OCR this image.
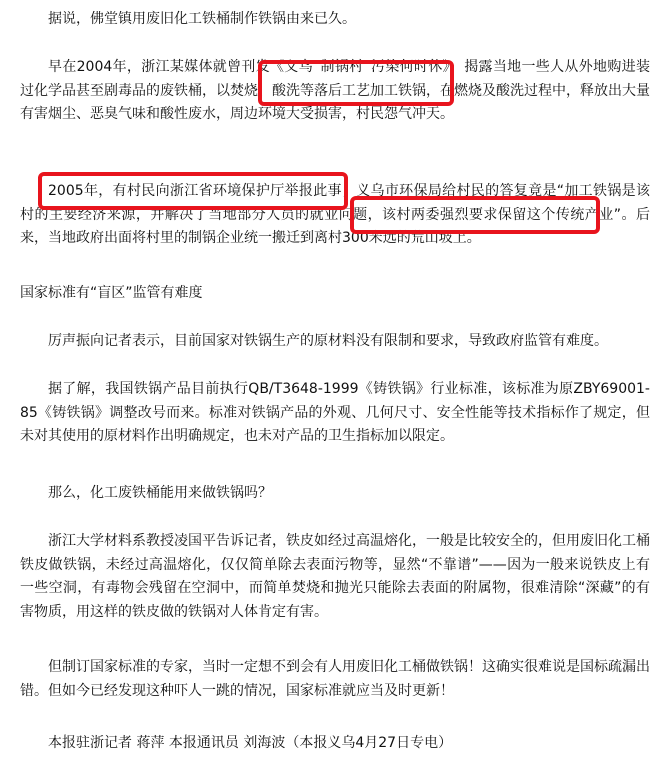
据说，佛堂镇用废旧化工铁桶制作铁锅由来已久。

早在2004年，浙江某媒体就曾刊发《义乌“制锅村”污染何时休》，揭露当地一些人从外地购进装过化学品甚至剧毒品的废铁桶，以焚烧、酸洗等落后工艺加工铁锅，在燃烧及酸洗过程中，释放出大量有害烟尘、恶臭气味和酸性废水，周边环境大受损害，村民怨气冲天。

2005年，有村民向浙江省环境保护厅举报此事；义乌市环保局给村民的答复竟是“加工铁锅是该村的主要经济来源，并解决了当地部分人员的就业问题，该村两委强烈要求保留这个传统产业”。后来，当地政府出面将村里的制锅企业统一搬迁到离村300米远的荒山坡上。

国家标准有“盲区”监管有难度

厉声振向记者表示，目前国家对铁锅生产的原材料没有限制和要求，导致政府监管有难度。

据了解，我国铁锅产品目前执行QB/T3648-1999《铸铁锅》行业标准，该标准为原ZBY69001-85《铸铁锅》调整改号而来。标准对铁锅产品的外观、几何尺寸、安全性能等技术指标作了规定，但未对其使用的原材料作出明确规定，也未对产品的卫生指标加以限定。

那么，化工废铁桶能用来做铁锅吗？

浙江大学材料系教授凌国平告诉记者，铁皮如经过高温熔化，一般是比较安全的，但用废旧化工桶铁皮做铁锅，未经过高温熔化，仅仅简单除去表面污物等，显然“不靠谱”——因为一般来说铁皮上有一些空洞，有毒物会残留在空洞中，而简单焚烧和抛光只能除去表面的附属物，很难清除“深藏”的有害物质，用这样的铁皮做的铁锅对人体肯定有害。

但制订国家标准的专家，当时一定想不到会有人用废旧化工桶做铁锅！这确实很难说是国标疏漏出错。但如今已经发现这种吓人一跳的情况，国家标准就应当及时更新！

本报驻浙记者 蒋萍 本报通讯员 刘海波（本报义乌4月27日专电）
